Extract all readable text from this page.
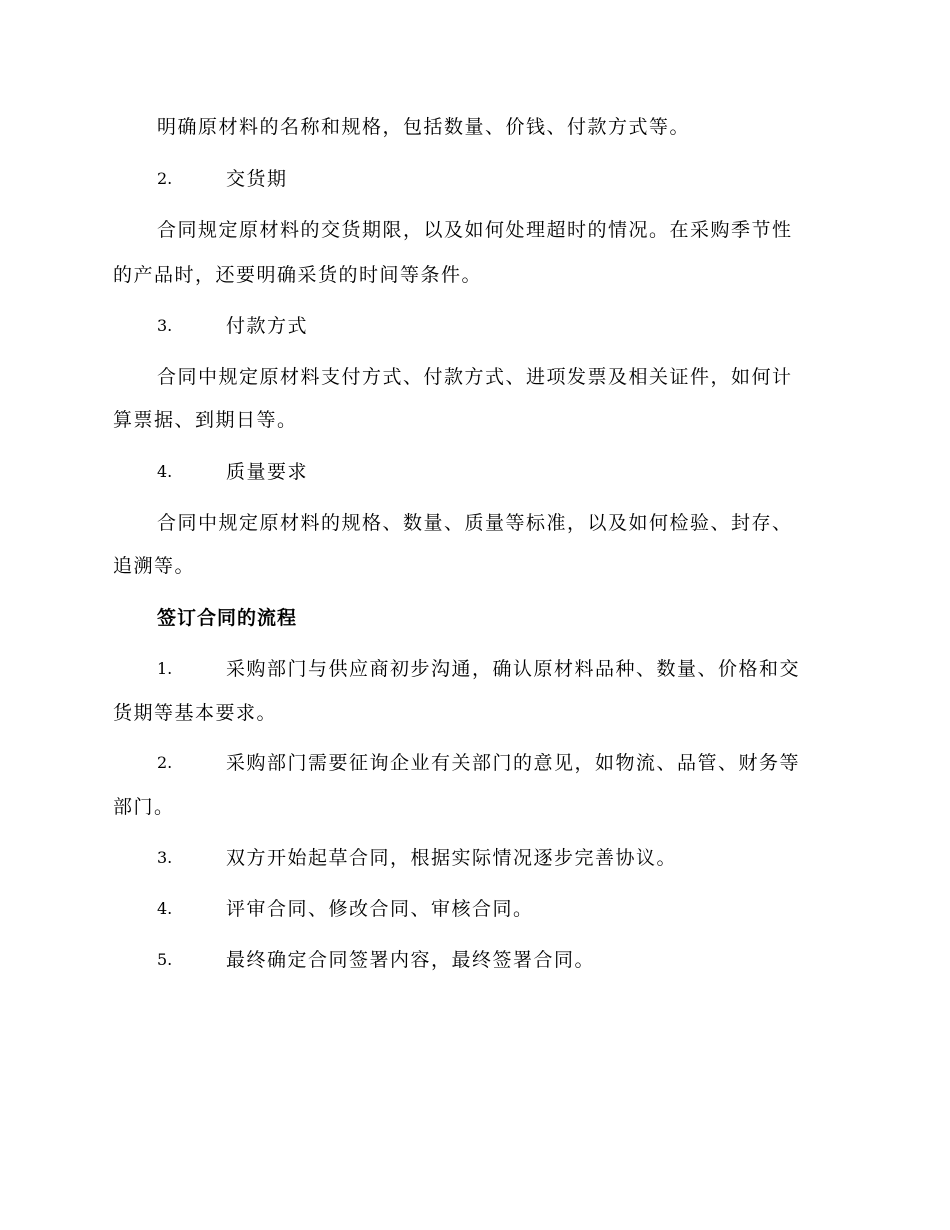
明确原材料的名称和规格，包括数量、价钱、付款方式等。
2.	交货期
合同规定原材料的交货期限，以及如何处理超时的情况。在采购季节性
的产品时，还要明确采货的时间等条件。
3.	付款方式
合同中规定原材料支付方式、付款方式、进项发票及相关证件，如何计
算票据、到期日等。
4.	质量要求
合同中规定原材料的规格、数量、质量等标准，以及如何检验、封存、
追溯等。
签订合同的流程
1.	采购部门与供应商初步沟通，确认原材料品种、数量、价格和交
货期等基本要求。
2.	采购部门需要征询企业有关部门的意见，如物流、品管、财务等
部门。
3.	双方开始起草合同，根据实际情况逐步完善协议。
4.	评审合同、修改合同、审核合同。
5.	最终确定合同签署内容，最终签署合同。
